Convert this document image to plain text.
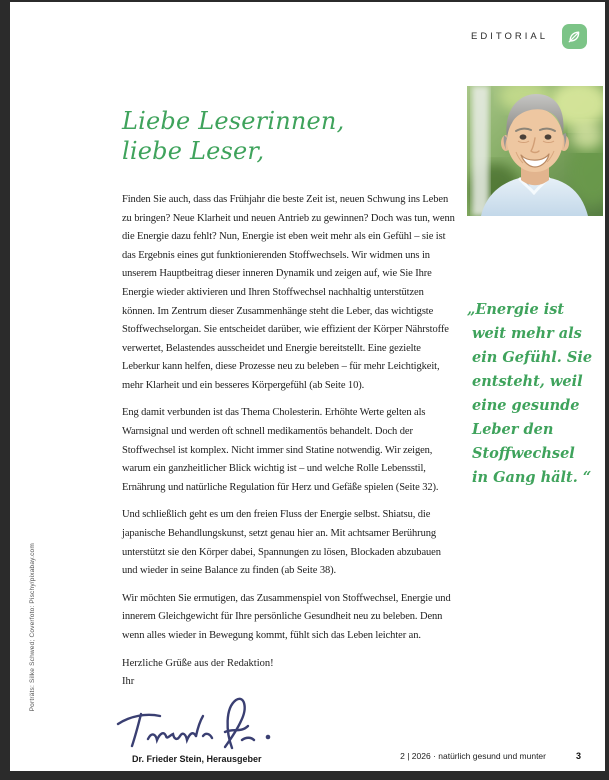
EDITORIAL
Liebe Leserinnen,
liebe Leser,

Finden Sie auch, dass das Frühjahr die beste Zeit ist, neuen Schwung ins Leben zu bringen? Neue Klarheit und neuen Antrieb zu gewinnen? Doch was tun, wenn die Energie dazu fehlt? Nun, Energie ist eben weit mehr als ein Gefühl – sie ist das Ergebnis eines gut funktionierenden Stoffwechsels. Wir widmen uns in unserem Hauptbeitrag dieser inneren Dynamik und zeigen auf, wie Sie Ihre Energie wieder aktivieren und Ihren Stoffwechsel nachhaltig unterstützen können. Im Zentrum dieser Zusammenhänge steht die Leber, das wichtigste Stoffwechselorgan. Sie entscheidet darüber, wie effizient der Körper Nährstoffe verwertet, Belastendes ausscheidet und Energie bereitstellt. Eine gezielte Leberkur kann helfen, diese Prozesse neu zu beleben – für mehr Leichtigkeit, mehr Klarheit und ein besseres Körpergefühl (ab Seite 10).

Eng damit verbunden ist das Thema Cholesterin. Erhöhte Werte gelten als Warnsignal und werden oft schnell medikamentös behandelt. Doch der Stoffwechsel ist komplex. Nicht immer sind Statine notwendig. Wir zeigen, warum ein ganzheitlicher Blick wichtig ist – und welche Rolle Lebensstil, Ernährung und natürliche Regulation für Herz und Gefäße spielen (Seite 32).

Und schließlich geht es um den freien Fluss der Energie selbst. Shiatsu, die japanische Behandlungskunst, setzt genau hier an. Mit achtsamer Berührung unterstützt sie den Körper dabei, Spannungen zu lösen, Blockaden abzubauen und wieder in seine Balance zu finden (ab Seite 38).

Wir möchten Sie ermutigen, das Zusammenspiel von Stoffwechsel, Energie und innerem Gleichgewicht für Ihre persönliche Gesundheit neu zu beleben. Denn wenn alles wieder in Bewegung kommt, fühlt sich das Leben leichter an.

Herzliche Grüße aus der Redaktion!
Ihr
Dr. Frieder Stein, Herausgeber
„Energie ist weit mehr als ein Gefühl. Sie entsteht, weil eine gesunde Leber den Stoffwechsel in Gang hält. “
Porträts: Silke Schwed; Coverfoto: Pischy/pixabay.com
2 | 2026 · natürlich gesund und munter	3
